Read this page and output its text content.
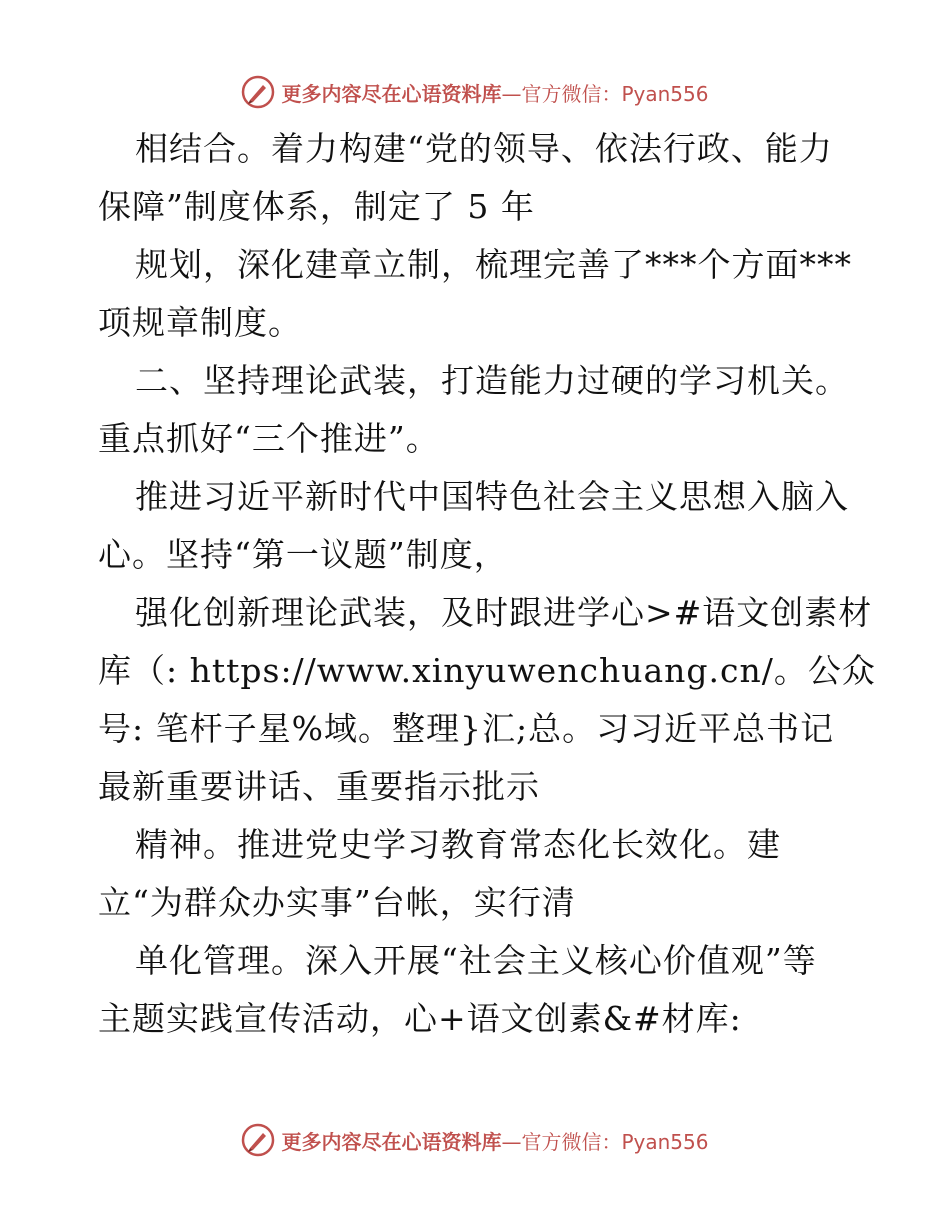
更多内容尽在心语资料库—官方微信：Pyan556
相结合。着力构建“党的领导、依法行政、能力
保障”制度体系，制定了 5 年
规划，深化建章立制，梳理完善了***个方面***
项规章制度。
二、坚持理论武装，打造能力过硬的学习机关。
重点抓好“三个推进”。
推进习近平新时代中国特色社会主义思想入脑入
心。坚持“第一议题”制度，
强化创新理论武装，及时跟进学心>#语文创素材
库（: https://www.xinyuwenchuang.cn/。公众
号: 笔杆子星%域。整理}汇;总。习习近平总书记
最新重要讲话、重要指示批示
精神。推进党史学习教育常态化长效化。建
立“为群众办实事”台帐，实行清
单化管理。深入开展“社会主义核心价值观”等
主题实践宣传活动，心+语文创素&#材库:
更多内容尽在心语资料库—官方微信：Pyan556
